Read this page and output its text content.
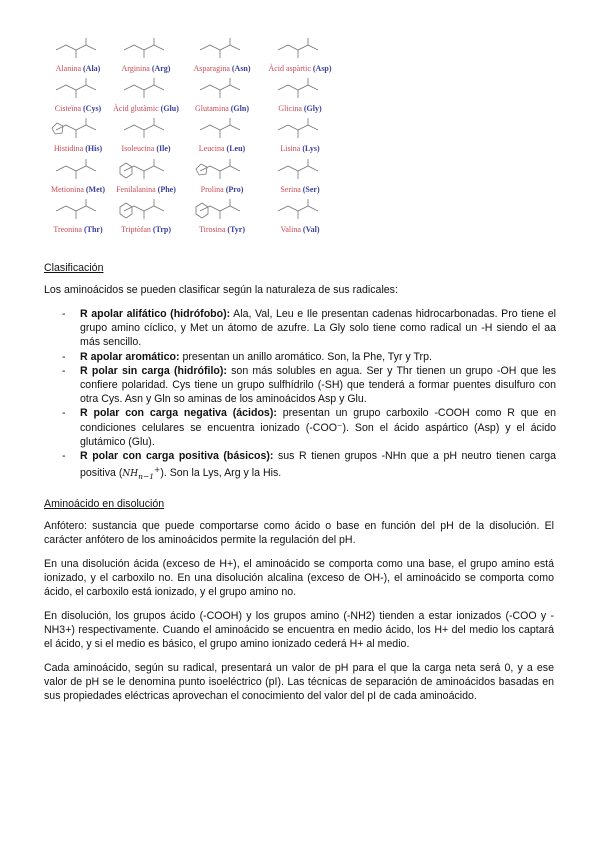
Alanina (Ala)	Arginina (Arg)	Asparagina (Asn)	Àcid aspàrtic (Asp)
Cisteïna (Cys)	Àcid glutàmic (Glu)	Glutamina (Gln)	Glicina (Gly)
Histidina (His)	Isoleucina (Ile)	Leucina (Leu)	Lisina (Lys)
Metionina (Met)	Fenilalanina (Phe)	Prolina (Pro)	Serina (Ser)
Treonina (Thr)	Triptòfan (Trp)	Tirosina (Tyr)	Valina (Val)
Clasificación
Los aminoácidos se pueden clasificar según la naturaleza de sus radicales:
- R apolar alifático (hidrófobo): Ala, Val, Leu e Ile presentan cadenas hidrocarbonadas. Pro tiene el grupo amino cíclico, y Met un átomo de azufre. La Gly solo tiene como radical un -H siendo el aa más sencillo.
- R apolar aromático: presentan un anillo aromático. Son, la Phe, Tyr y Trp.
- R polar sin carga (hidrófilo): son más solubles en agua. Ser y Thr tienen un grupo -OH que les confiere polaridad. Cys tiene un grupo sulfhídrilo (-SH) que tenderá a formar puentes disulfuro con otra Cys. Asn y Gln so aminas de los aminoácidos Asp y Glu.
- R polar con carga negativa (ácidos): presentan un grupo carboxilo -COOH como R que en condiciones celulares se encuentra ionizado (-COO⁻). Son el ácido aspártico (Asp) y el ácido glutámico (Glu).
- R polar con carga positiva (básicos): sus R tienen grupos -NHn que a pH neutro tienen carga positiva $(NH_{n-1}^+)$. Son la Lys, Arg y la His.
Aminoácido en disolución
Anfótero: sustancia que puede comportarse como ácido o base en función del pH de la disolución. El carácter anfótero de los aminoácidos permite la regulación del pH.
En una disolución ácida (exceso de H+), el aminoácido se comporta como una base, el grupo amino está ionizado, y el carboxilo no. En una disolución alcalina (exceso de OH-), el aminoácido se comporta como ácido, el carboxilo está ionizado, y el grupo amino no.
En disolución, los grupos ácido (-COOH) y los grupos amino (-NH2) tienden a estar ionizados (-COO y -NH3+) respectivamente. Cuando el aminoácido se encuentra en medio ácido, los H+ del medio los captará el ácido, y si el medio es básico, el grupo amino ionizado cederá H+ al medio.
Cada aminoácido, según su radical, presentará un valor de pH para el que la carga neta será 0, y a ese valor de pH se le denomina punto isoeléctrico (pI). Las técnicas de separación de aminoácidos basadas en sus propiedades eléctricas aprovechan el conocimiento del valor del pI de cada aminoácido.
